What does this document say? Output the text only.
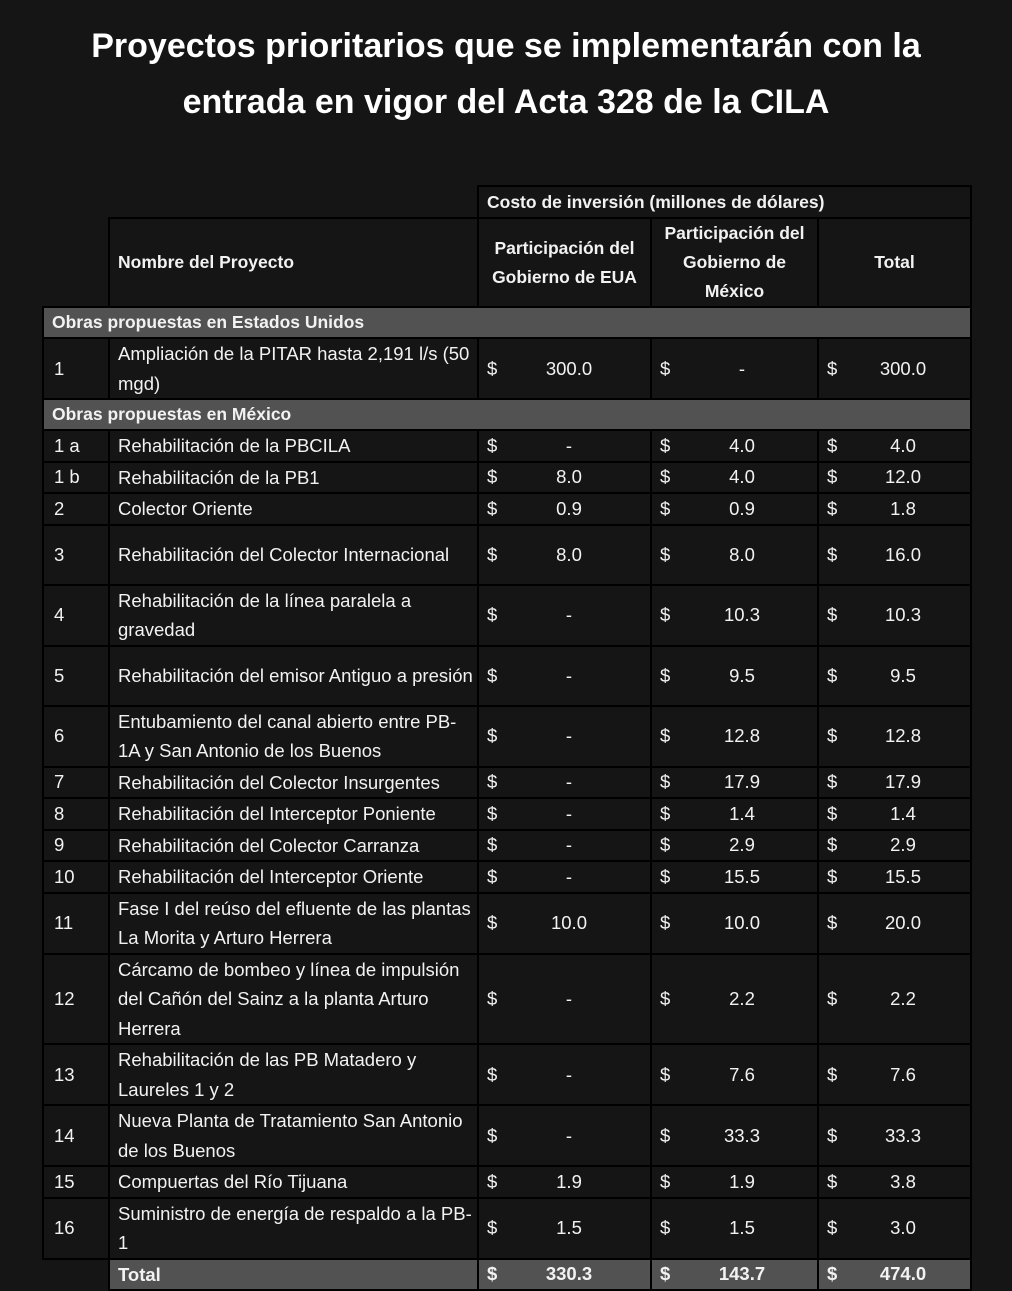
Proyectos prioritarios que se implementarán con la
entrada en vigor del Acta 328 de la CILA
		Costo de inversión (millones de dólares)		
	Nombre del Proyecto	Participación del Gobierno de EUA	Participación del Gobierno de México	Total
Obras propuestas en Estados Unidos				
1	Ampliación de la PITAR hasta 2,191 l/s (50 mgd)	$ 300.0	$ -	$ 300.0
Obras propuestas en México				
1 a	Rehabilitación de la PBCILA	$ -	$ 4.0	$ 4.0
1 b	Rehabilitación de la PB1	$ 8.0	$ 4.0	$ 12.0
2	Colector Oriente	$ 0.9	$ 0.9	$ 1.8
3	Rehabilitación del Colector Internacional	$ 8.0	$ 8.0	$ 16.0
4	Rehabilitación de la línea paralela a gravedad	$ -	$ 10.3	$ 10.3
5	Rehabilitación del emisor Antiguo a presión	$ -	$ 9.5	$ 9.5
6	Entubamiento del canal abierto entre PB-1A y San Antonio de los Buenos	$ -	$ 12.8	$ 12.8
7	Rehabilitación del Colector Insurgentes	$ -	$ 17.9	$ 17.9
8	Rehabilitación del Interceptor Poniente	$ -	$ 1.4	$ 1.4
9	Rehabilitación del Colector Carranza	$ -	$ 2.9	$ 2.9
10	Rehabilitación del Interceptor Oriente	$ -	$ 15.5	$ 15.5
11	Fase I del reúso del efluente de las plantas La Morita y Arturo Herrera	$ 10.0	$ 10.0	$ 20.0
12	Cárcamo de bombeo y línea de impulsión del Cañón del Sainz a la planta Arturo Herrera	$ -	$ 2.2	$ 2.2
13	Rehabilitación de las PB Matadero y Laureles 1 y 2	$ -	$ 7.6	$ 7.6
14	Nueva Planta de Tratamiento San Antonio de los Buenos	$ -	$ 33.3	$ 33.3
15	Compuertas del Río Tijuana	$ 1.9	$ 1.9	$ 3.8
16	Suministro de energía de respaldo a la PB-1	$ 1.5	$ 1.5	$ 3.0
	Total	$ 330.3	$ 143.7	$ 474.0
